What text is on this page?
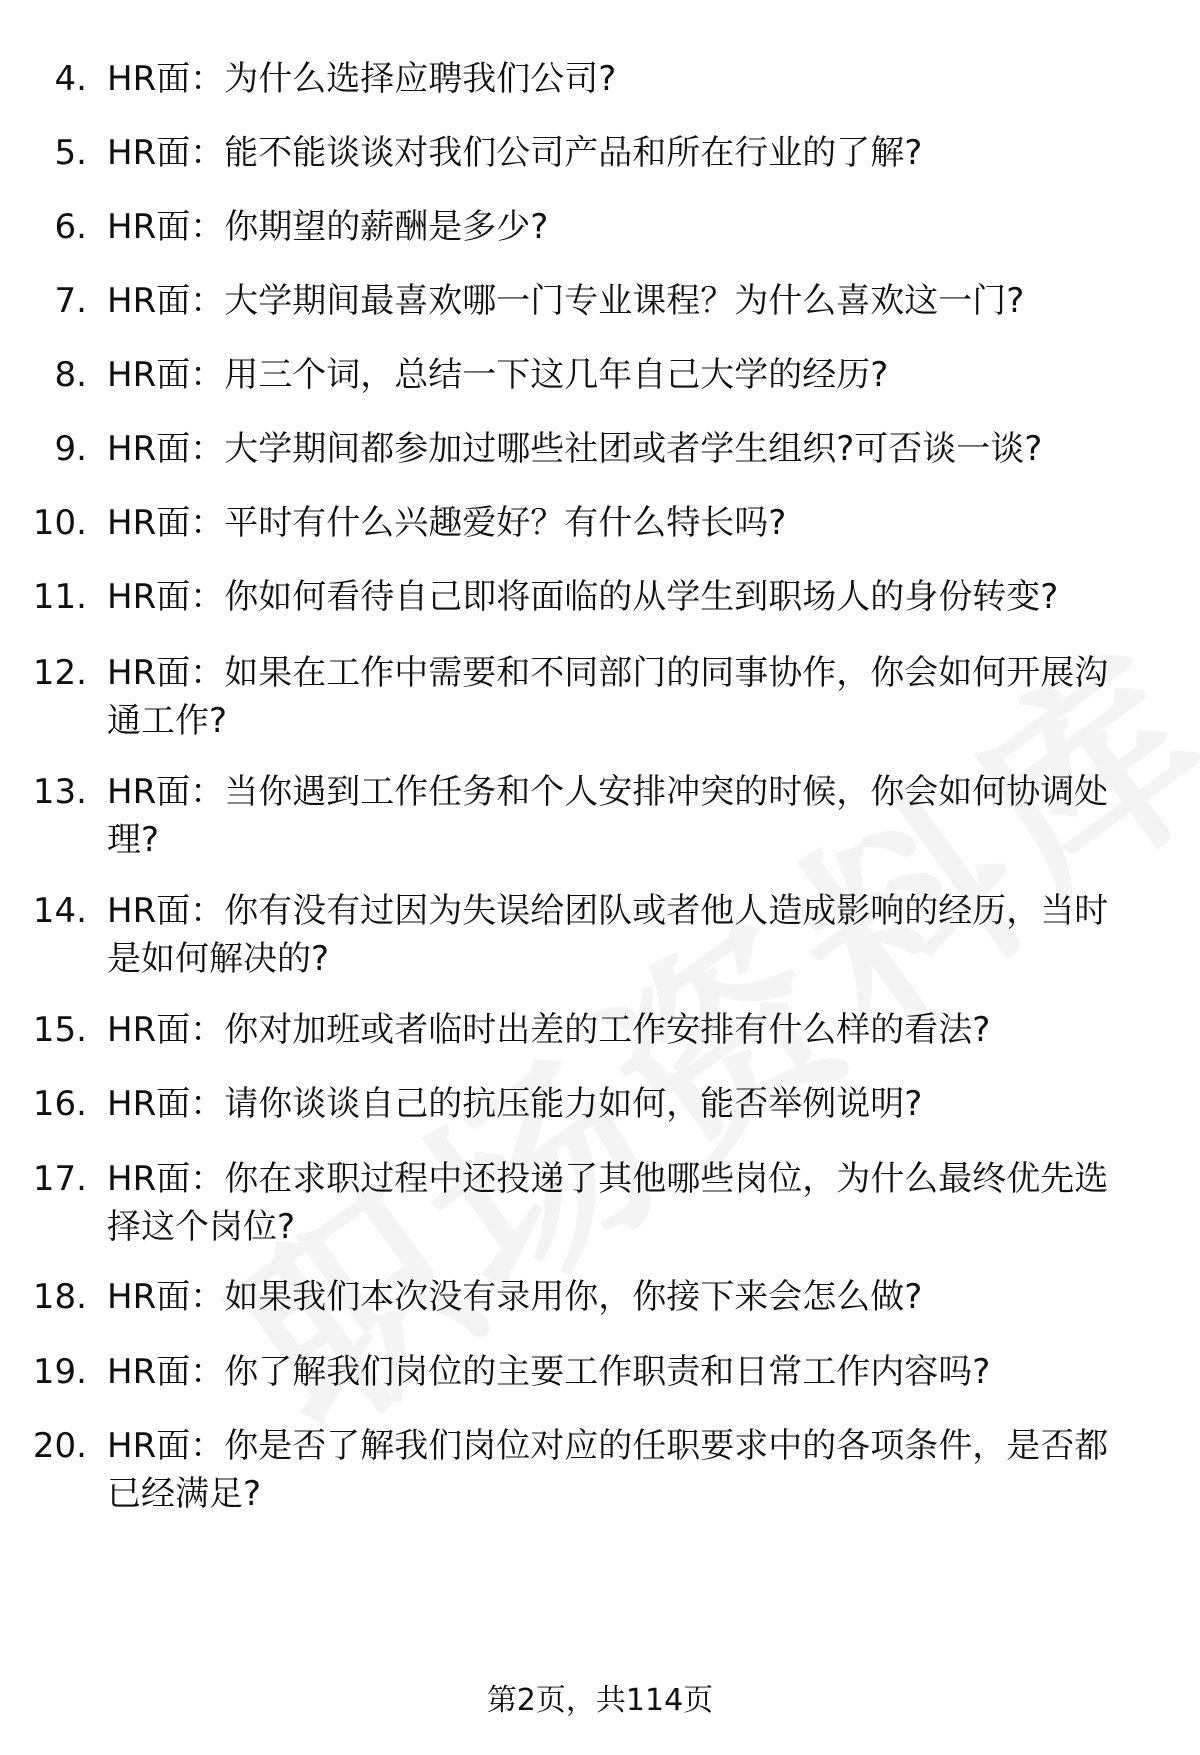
4. HR面：为什么选择应聘我们公司?
5. HR面：能不能谈谈对我们公司产品和所在行业的了解?
6. HR面：你期望的薪酬是多少?
7. HR面：大学期间最喜欢哪一门专业课程？为什么喜欢这一门?
8. HR面：用三个词，总结一下这几年自己大学的经历?
9. HR面：大学期间都参加过哪些社团或者学生组织?可否谈一谈?
10. HR面：平时有什么兴趣爱好？有什么特长吗?
11. HR面：你如何看待自己即将面临的从学生到职场人的身份转变?
12. HR面：如果在工作中需要和不同部门的同事协作，你会如何开展沟通工作?
13. HR面：当你遇到工作任务和个人安排冲突的时候，你会如何协调处理?
14. HR面：你有没有过因为失误给团队或者他人造成影响的经历，当时是如何解决的?
15. HR面：你对加班或者临时出差的工作安排有什么样的看法?
16. HR面：请你谈谈自己的抗压能力如何，能否举例说明?
17. HR面：你在求职过程中还投递了其他哪些岗位，为什么最终优先选择这个岗位?
18. HR面：如果我们本次没有录用你，你接下来会怎么做?
19. HR面：你了解我们岗位的主要工作职责和日常工作内容吗?
20. HR面：你是否了解我们岗位对应的任职要求中的各项条件，是否都已经满足?
第2页，共114页
